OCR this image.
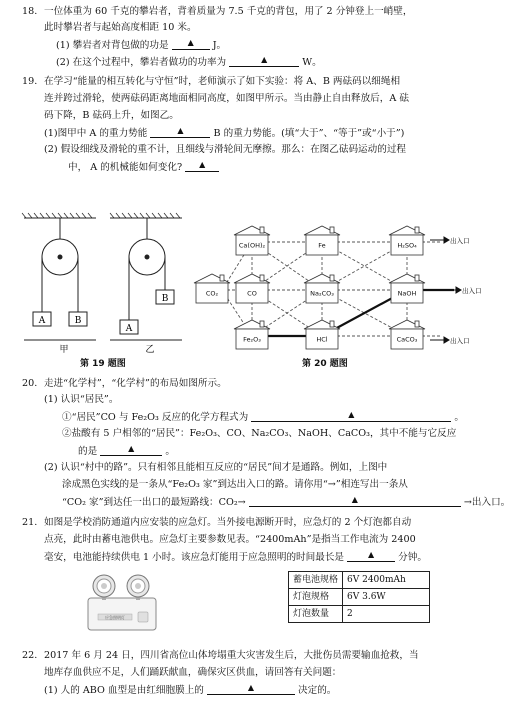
18. 一位体重为 60 千克的攀岩者，背着质量为 7.5 千克的背包，用了 2 分钟登上一峭壁，
此时攀岩者与起始高度相距 10 米。
(1) 攀岩者对背包做的功是 ▲ J。
(2) 在这个过程中，攀岩者做功的功率为	▲	W。
19. 在学习“能量的相互转化与守恒”时，老师演示了如下实验：将 A、B 两砝码以细绳相
连并跨过滑轮，使两砝码距离地面相同高度，如图甲所示。当由静止自由释放后，A 砝
码下降，B 砝码上升，如图乙。
(1)图甲中 A 的重力势能	▲	B 的重力势能。(填“大于”、“等于”或“小于”)
(2) 假设细线及滑轮的重不计，且细线与滑轮间无摩擦。那么：在图乙砝码运动的过程
中， A 的机械能如何变化? ▲
A	B
A
B
甲	乙
第 19 题图
出入口
出入口
出入口
Ca(OH)₂	Fe	H₂SO₄
CO₂	CO	Na₂CO₃	NaOH
Fe₂O₃	HCl	CaCO₃
第 20 题图
20. 走进“化学村”，“化学村”的布局如图所示。
(1) 认识“居民”。
①“居民”CO 与 Fe₂O₃ 反应的化学方程式为	▲	。
②盐酸有 5 户相邻的“居民”：Fe₂O₃、CO、Na₂CO₃、NaOH、CaCO₃，其中不能与它反应
的是	▲	。
(2) 认识“村中的路”。只有相邻且能相互反应的“居民”间才是通路。例如，上图中
涂成黑色实线的是一条从“Fe₂O₃ 家”到达出入口的路。请你用“→”相连写出一条从
“CO₂ 家”到达任一出口的最短路线：CO₂→	▲	→出入口。
21. 如图是学校消防通道内应安装的应急灯。当外接电源断开时，应急灯的 2 个灯泡都自动
点亮，此时由蓄电池供电。应急灯主要参数见表。“2400mAh”是指当工作电流为 2400
毫安，电池能持续供电 1 小时。该应急灯能用于应急照明的时间最长是	▲ 分钟。
应急照明灯
蓄电池规格	6V 2400mAh
灯泡规格	6V 3.6W
灯泡数量	2
22. 2017 年 6 月 24 日，四川省高位山体垮塌重大灾害发生后，大批伤员需要输血抢救，当
地库存血供应不足，人们踊跃献血，确保灾区供血，请回答有关问题：
(1) 人的 ABO 血型是由红细胞膜上的	▲	决定的。
